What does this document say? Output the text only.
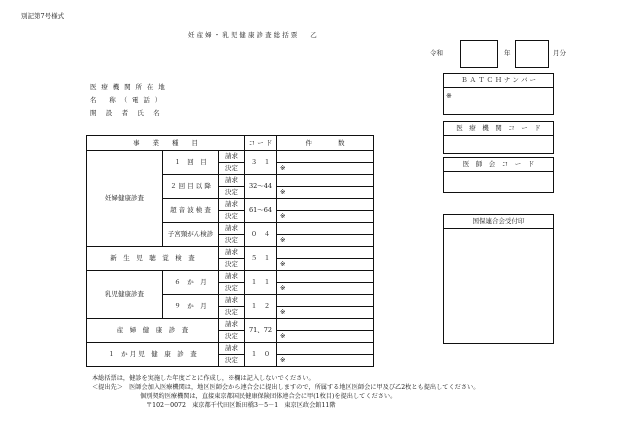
別記第7号様式
妊 産 婦 ・ 乳 児 健 康 診 査 総 括 票　　乙
令和	年	月分
医 療 機 関 所 在 地
名　 称 （ 電 話 ）
開　設　者　氏　名
Ｂ Ａ Ｔ Ｃ Ｈ ナ ン バ ー
※
医　療　機　関　コ　ー　ド
医　師　会　コ　ー　ド
国保連合会受付印
事　　業　　種　　目			コ ー ド	件　　　　数
妊婦健康診査	１　回　目	請求	３　１	
		決定		※
	２ 回 目 以 降	請求	32～44	
		決定		※
	超 音 波 検 査	請求	61～64	
		決定		※
	子宮頸がん検診	請求	０　４	
		決定		※
新　生　児　聴　覚　検　査		請求	５　１	
		決定		※
乳児健康診査	６　か　月	請求	１　１	
		決定		※
	９　か　月	請求	１　２	
		決定		※
産　婦　健　康　診　査		請求	71、72	
		決定		※
１　か 月 児　健　康　診　査		請求	１　０	
		決定		※
本総括票は，健診を実施した年度ごとに作成し，※欄は記入しないでください。
＜提出先＞　医師会加入医療機関は，地区医師会から連合会に提出しますので，所属する地区医師会に甲及び乙2枚とも提出してください。
個別契約医療機関は，直接東京都国民健康保険団体連合会に甲(1枚目)を提出してください。
〒102－0072　東京都千代田区飯田橋3－5－1　東京区政会館11階
